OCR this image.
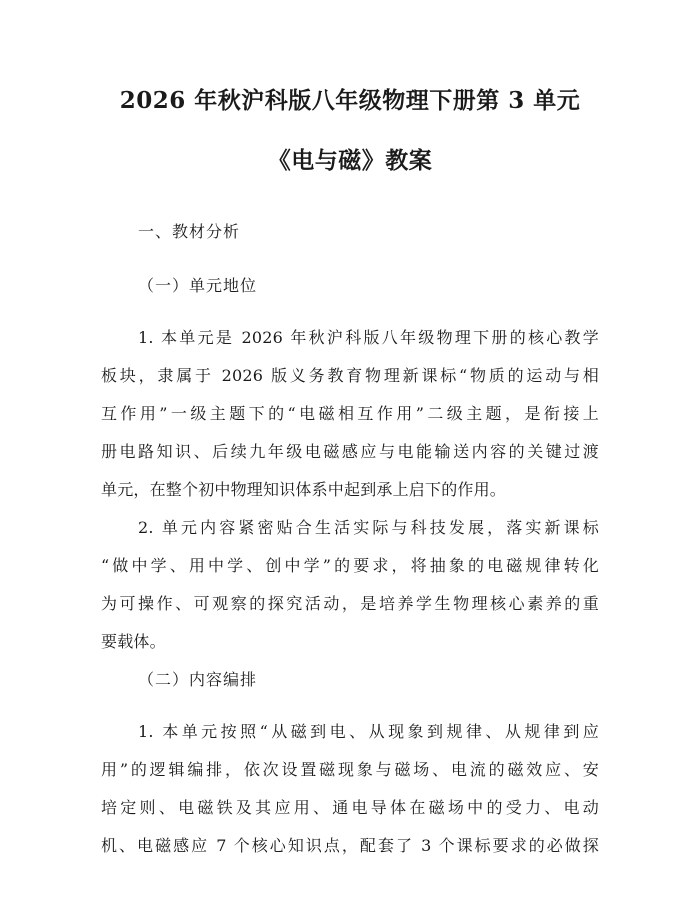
2026 年秋沪科版八年级物理下册第 3 单元
《电与磁》教案

一、教材分析

（一）单元地位

1. 本单元是 2026 年秋沪科版八年级物理下册的核心教学
板块，隶属于 2026 版义务教育物理新课标“物质的运动与相
互作用”一级主题下的“电磁相互作用”二级主题，是衔接上
册电路知识、后续九年级电磁感应与电能输送内容的关键过渡
单元，在整个初中物理知识体系中起到承上启下的作用。
2. 单元内容紧密贴合生活实际与科技发展，落实新课标
“做中学、用中学、创中学”的要求，将抽象的电磁规律转化
为可操作、可观察的探究活动，是培养学生物理核心素养的重
要载体。

（二）内容编排

1. 本单元按照“从磁到电、从现象到规律、从规律到应
用”的逻辑编排，依次设置磁现象与磁场、电流的磁效应、安
培定则、电磁铁及其应用、通电导体在磁场中的受力、电动
机、电磁感应 7 个核心知识点，配套了 3 个课标要求的必做探
